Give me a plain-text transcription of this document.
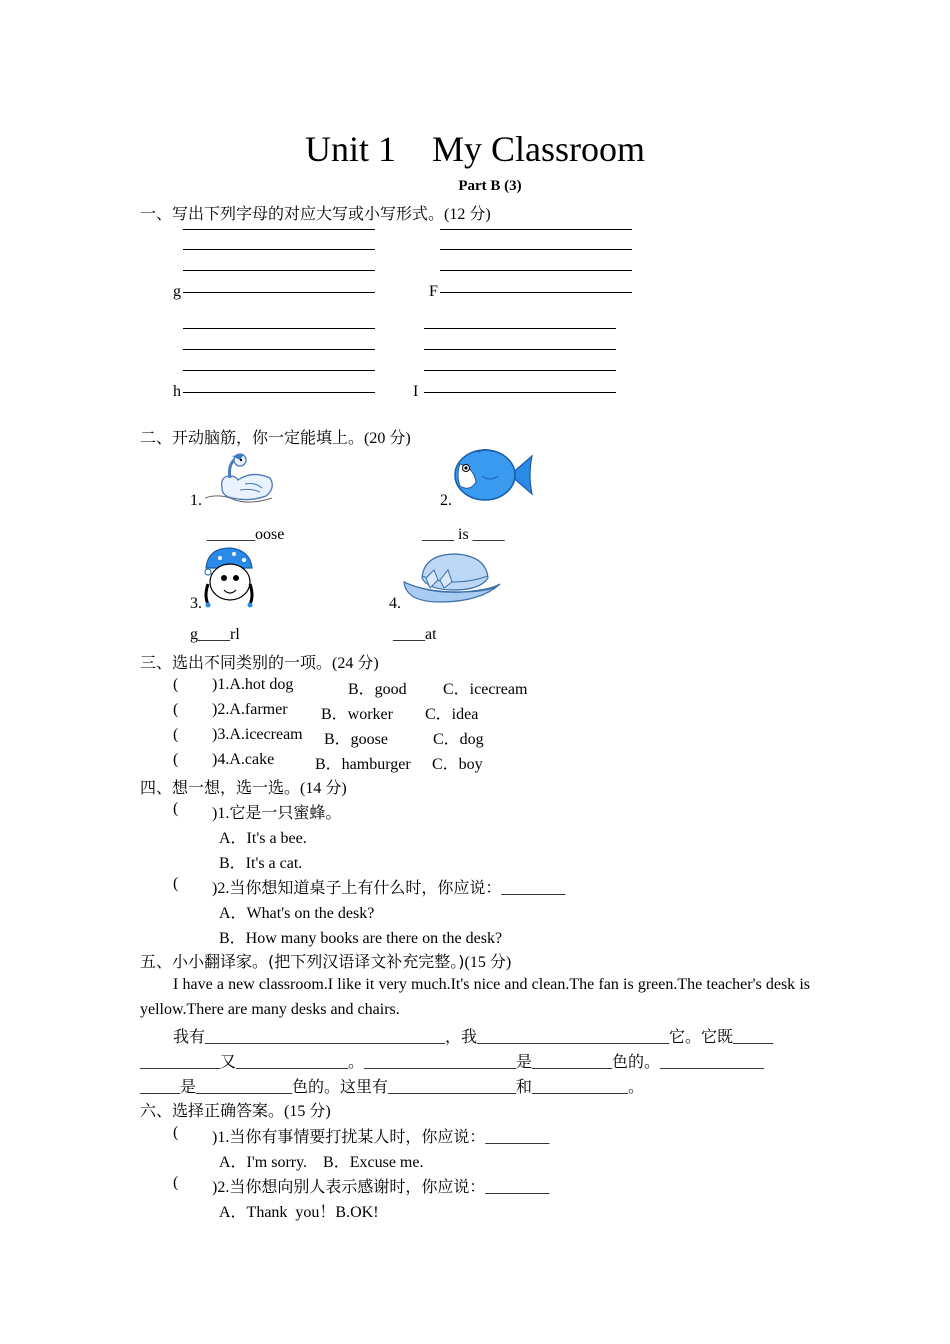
Unit 1    My Classroom
Part B (3)
一、写出下列字母的对应大写或小写形式。(12 分)
g	F
h	I
二、开动脑筋，你一定能填上。(20 分)
1.
______oose
2.
____ is ____
3.
g____rl
4.
____at
三、选出不同类别的一项。(24 分)
( )1.A.hot dog	B．good C．icecream
( )2.A.farmer B．worker C．idea
( )3.A.icecream B．goose	C．dog
( )4.A.cake	B．hamburger C．boy
四、想一想，选一选。(14 分)
( )1.它是一只蜜蜂。
A．It's a bee.
B．It's a cat.
( )2.当你想知道桌子上有什么时，你应说：________
A．What's on the desk?
B．How many books are there on the desk?
五、小小翻译家。(把下列汉语译文补充完整。)(15 分)
I have a new classroom.I like it very much.It's nice and clean.The fan is green.The teacher's desk is yellow.There are many desks and chairs.
我有______________________________，我________________________它。它既_____
__________又______________。___________________是__________色的。_____________
_____是____________色的。这里有________________和____________。
六、选择正确答案。(15 分)
( )1.当你有事情要打扰某人时，你应说：________
A．I'm sorry.    B．Excuse me.
( )2.当你想向别人表示感谢时，你应说：________
A．Thank  you！B.OK!
